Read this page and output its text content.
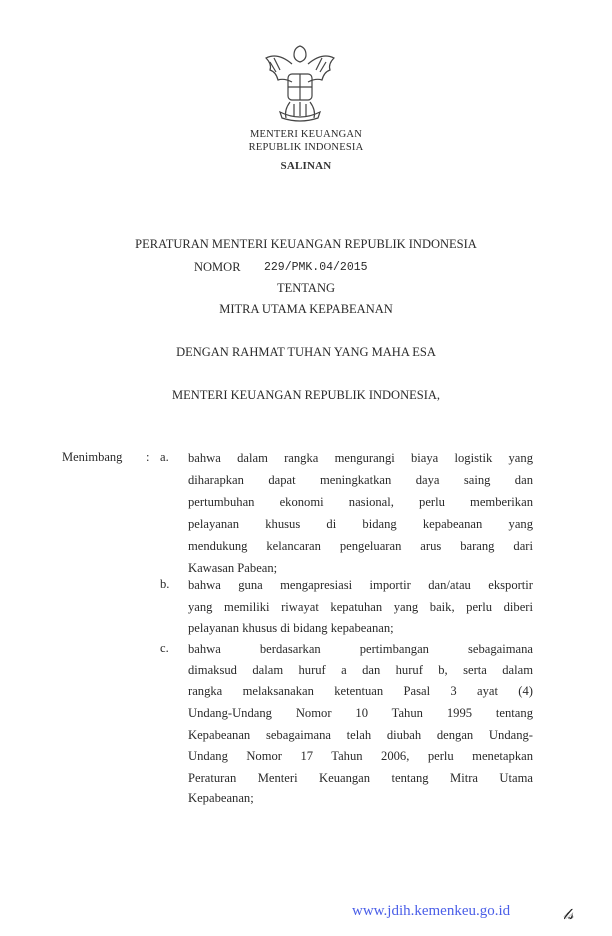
MENTERI KEUANGAN
REPUBLIK INDONESIA
SALINAN
PERATURAN MENTERI KEUANGAN REPUBLIK INDONESIA
NOMOR 229/PMK.04/2015
TENTANG
MITRA UTAMA KEPABEANAN
DENGAN RAHMAT TUHAN YANG MAHA ESA
MENTERI KEUANGAN REPUBLIK INDONESIA,
Menimbang : a. bahwa dalam rangka mengurangi biaya logistik yang
diharapkan dapat meningkatkan daya saing dan
pertumbuhan ekonomi nasional, perlu memberikan
pelayanan khusus di bidang kepabeanan yang
mendukung kelancaran pengeluaran arus barang dari
Kawasan Pabean;
b. bahwa guna mengapresiasi importir dan/atau eksportir
yang memiliki riwayat kepatuhan yang baik, perlu diberi
pelayanan khusus di bidang kepabeanan;
c. bahwa berdasarkan pertimbangan sebagaimana
dimaksud dalam huruf a dan huruf b, serta dalam
rangka melaksanakan ketentuan Pasal 3 ayat (4)
Undang-Undang Nomor 10 Tahun 1995 tentang
Kepabeanan sebagaimana telah diubah dengan Undang-
Undang Nomor 17 Tahun 2006, perlu menetapkan
Peraturan Menteri Keuangan tentang Mitra Utama
Kepabeanan;
www.jdih.kemenkeu.go.id	𝓁𝓈
